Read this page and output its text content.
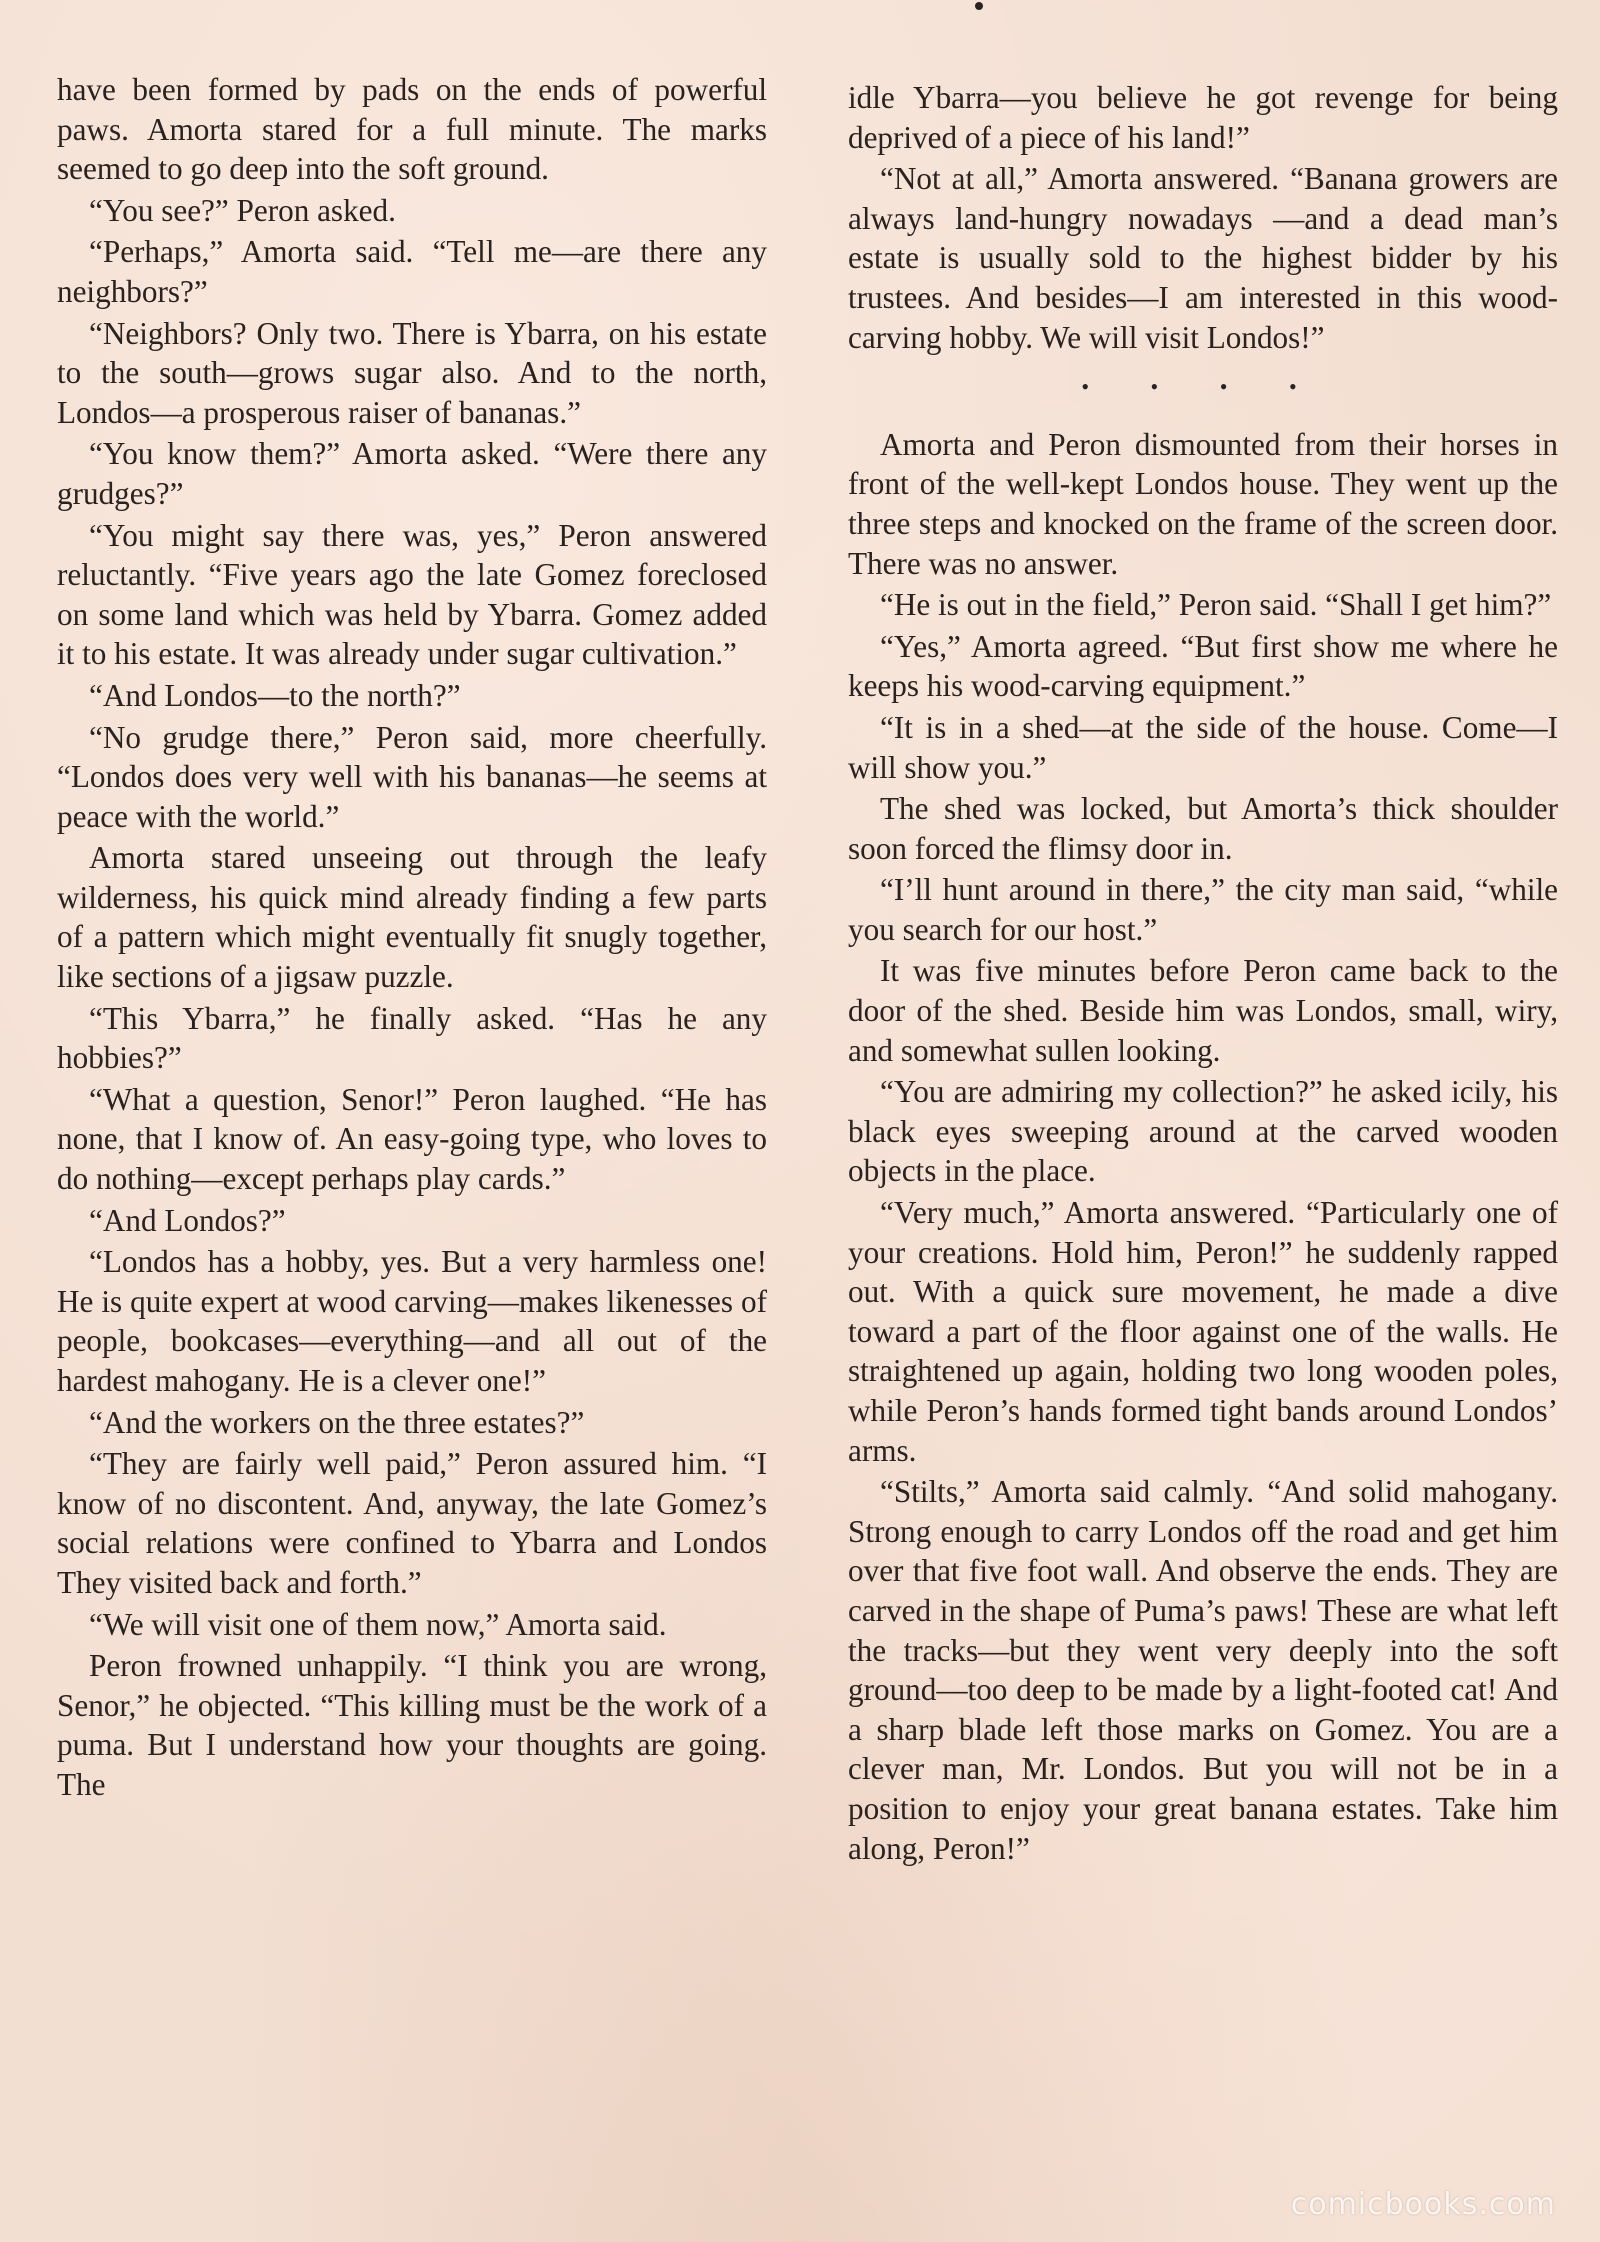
have been formed by pads on the ends of powerful paws. Amorta stared for a full minute. The marks seemed to go deep into the soft ground.

“You see?” Peron asked.

“Perhaps,” Amorta said. “Tell me—are there any neighbors?”

“Neighbors? Only two. There is Ybarra, on his estate to the south—grows sugar also. And to the north, Londos—a prosperous raiser of bananas.”

“You know them?” Amorta asked. “Were there any grudges?”

“You might say there was, yes,” Peron answered reluctantly. “Five years ago the late Gomez foreclosed on some land which was held by Ybarra. Gomez added it to his estate. It was already under sugar cultivation.”

“And Londos—to the north?”

“No grudge there,” Peron said, more cheerfully. “Londos does very well with his bananas—he seems at peace with the world.”

Amorta stared unseeing out through the leafy wilderness, his quick mind already finding a few parts of a pattern which might eventually fit snugly together, like sections of a jigsaw puzzle.

“This Ybarra,” he finally asked. “Has he any hobbies?”

“What a question, Senor!” Peron laughed. “He has none, that I know of. An easy-going type, who loves to do nothing—except perhaps play cards.”

“And Londos?”

“Londos has a hobby, yes. But a very harmless one! He is quite expert at wood carving—makes likenesses of people, bookcases—everything—and all out of the hardest mahogany. He is a clever one!”

“And the workers on the three estates?”

“They are fairly well paid,” Peron assured him. “I know of no discontent. And, anyway, the late Gomez’s social relations were confined to Ybarra and Londos They visited back and forth.”

“We will visit one of them now,” Amorta said.

Peron frowned unhappily. “I think you are wrong, Senor,” he objected. “This killing must be the work of a puma. But I understand how your thoughts are going. The

idle Ybarra—you believe he got revenge for being deprived of a piece of his land!”

“Not at all,” Amorta answered. “Banana growers are always land-hungry nowadays —and a dead man’s estate is usually sold to the highest bidder by his trustees. And besides—I am interested in this wood-carving hobby. We will visit Londos!”

• • • •

Amorta and Peron dismounted from their horses in front of the well-kept Londos house. They went up the three steps and knocked on the frame of the screen door. There was no answer.

“He is out in the field,” Peron said. “Shall I get him?”

“Yes,” Amorta agreed. “But first show me where he keeps his wood-carving equipment.”

“It is in a shed—at the side of the house. Come—I will show you.”

The shed was locked, but Amorta’s thick shoulder soon forced the flimsy door in.

“I’ll hunt around in there,” the city man said, “while you search for our host.”

It was five minutes before Peron came back to the door of the shed. Beside him was Londos, small, wiry, and somewhat sullen looking.

“You are admiring my collection?” he asked icily, his black eyes sweeping around at the carved wooden objects in the place.

“Very much,” Amorta answered. “Particularly one of your creations. Hold him, Peron!” he suddenly rapped out. With a quick sure movement, he made a dive toward a part of the floor against one of the walls. He straightened up again, holding two long wooden poles, while Peron’s hands formed tight bands around Londos’ arms.

“Stilts,” Amorta said calmly. “And solid mahogany. Strong enough to carry Londos off the road and get him over that five foot wall. And observe the ends. They are carved in the shape of Puma’s paws! These are what left the tracks—but they went very deeply into the soft ground—too deep to be made by a light-footed cat! And a sharp blade left those marks on Gomez. You are a clever man, Mr. Londos. But you will not be in a position to enjoy your great banana estates. Take him along, Peron!”

comicbooks.com
